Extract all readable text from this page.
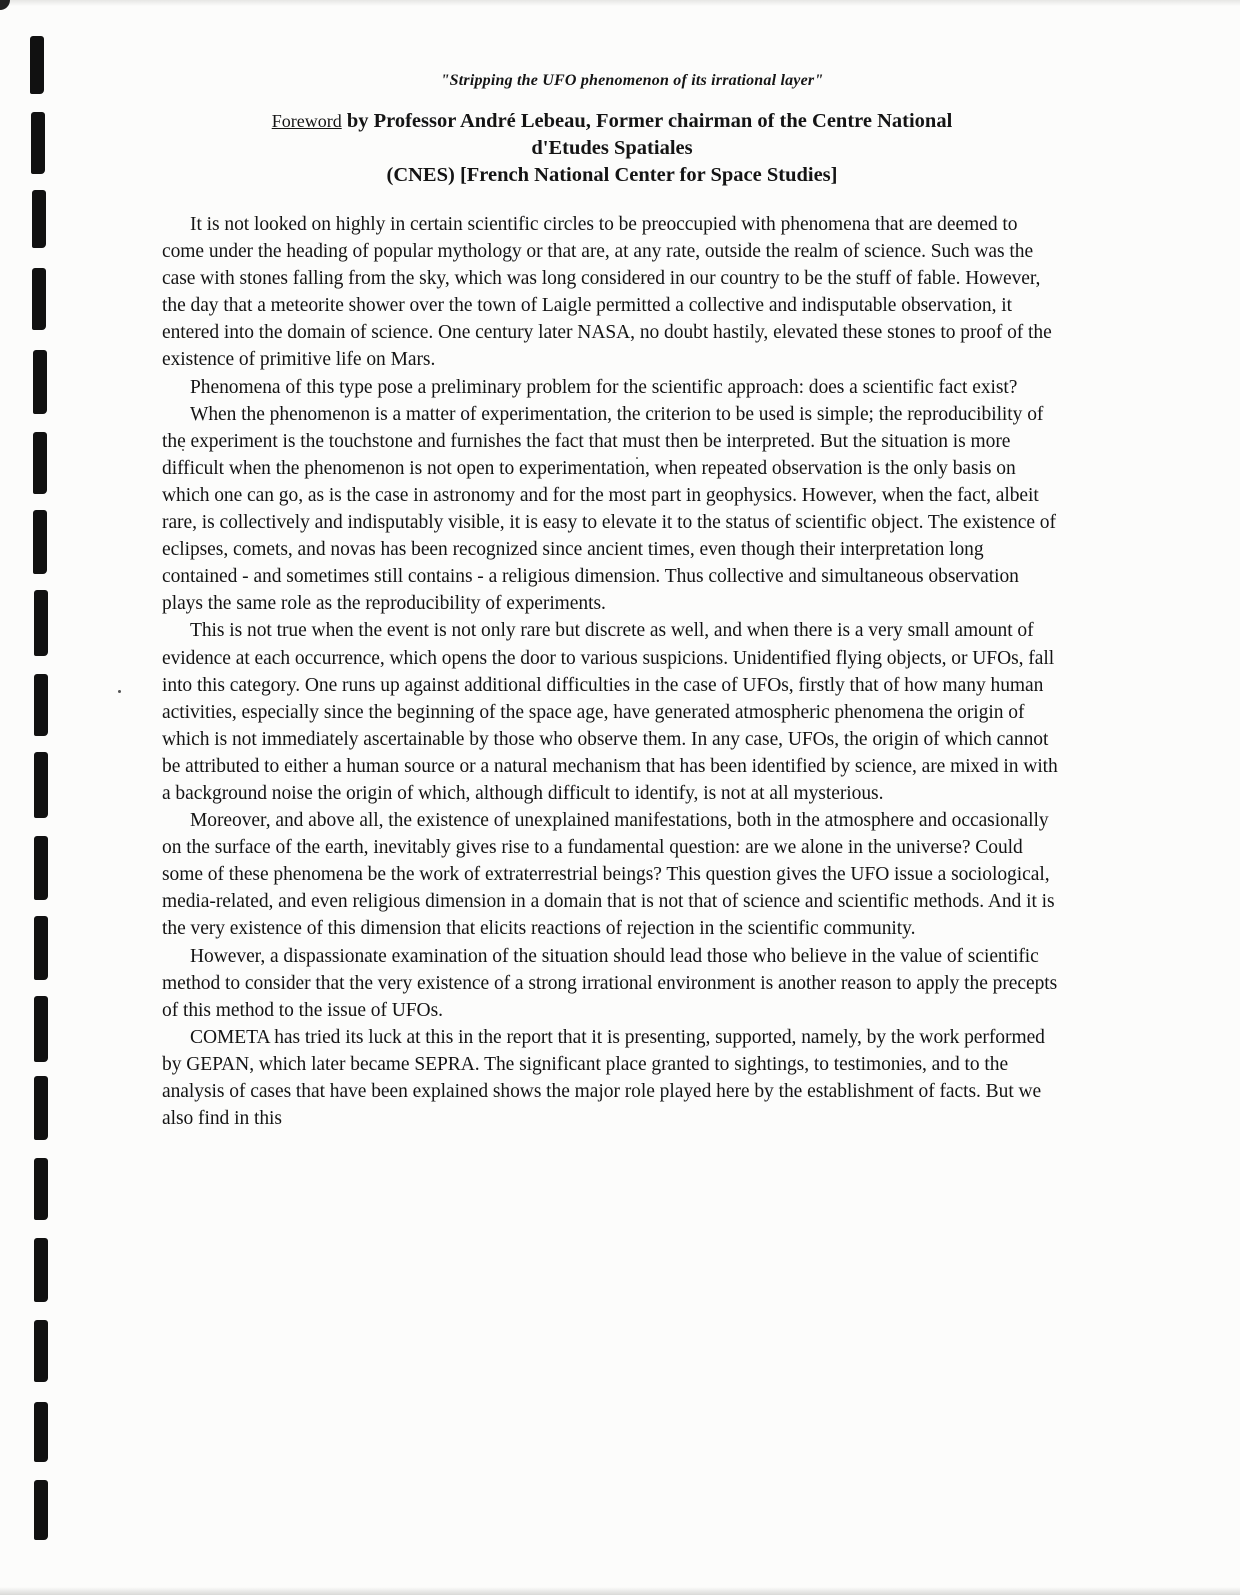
"Stripping the UFO phenomenon of its irrational layer"
Foreword by Professor André Lebeau, Former chairman of the Centre National
d'Etudes Spatiales
(CNES) [French National Center for Space Studies]

It is not looked on highly in certain scientific circles to be preoccupied with phenomena that are deemed to come under the heading of popular mythology or that are, at any rate, outside the realm of science. Such was the case with stones falling from the sky, which was long considered in our country to be the stuff of fable. However, the day that a meteorite shower over the town of Laigle permitted a collective and indisputable observation, it entered into the domain of science. One century later NASA, no doubt hastily, elevated these stones to proof of the existence of primitive life on Mars.

Phenomena of this type pose a preliminary problem for the scientific approach: does a scientific fact exist?

When the phenomenon is a matter of experimentation, the criterion to be used is simple; the reproducibility of the experiment is the touchstone and furnishes the fact that must then be interpreted. But the situation is more difficult when the phenomenon is not open to experimentation, when repeated observation is the only basis on which one can go, as is the case in astronomy and for the most part in geophysics. However, when the fact, albeit rare, is collectively and indisputably visible, it is easy to elevate it to the status of scientific object. The existence of eclipses, comets, and novas has been recognized since ancient times, even though their interpretation long contained - and sometimes still contains - a religious dimension. Thus collective and simultaneous observation plays the same role as the reproducibility of experiments.

This is not true when the event is not only rare but discrete as well, and when there is a very small amount of evidence at each occurrence, which opens the door to various suspicions. Unidentified flying objects, or UFOs, fall into this category. One runs up against additional difficulties in the case of UFOs, firstly that of how many human activities, especially since the beginning of the space age, have generated atmospheric phenomena the origin of which is not immediately ascertainable by those who observe them. In any case, UFOs, the origin of which cannot be attributed to either a human source or a natural mechanism that has been identified by science, are mixed in with a background noise the origin of which, although difficult to identify, is not at all mysterious.

Moreover, and above all, the existence of unexplained manifestations, both in the atmosphere and occasionally on the surface of the earth, inevitably gives rise to a fundamental question: are we alone in the universe? Could some of these phenomena be the work of extraterrestrial beings? This question gives the UFO issue a sociological, media-related, and even religious dimension in a domain that is not that of science and scientific methods. And it is the very existence of this dimension that elicits reactions of rejection in the scientific community.

However, a dispassionate examination of the situation should lead those who believe in the value of scientific method to consider that the very existence of a strong irrational environment is another reason to apply the precepts of this method to the issue of UFOs.

COMETA has tried its luck at this in the report that it is presenting, supported, namely, by the work performed by GEPAN, which later became SEPRA. The significant place granted to sightings, to testimonies, and to the analysis of cases that have been explained shows the major role played here by the establishment of facts. But we also find in this
